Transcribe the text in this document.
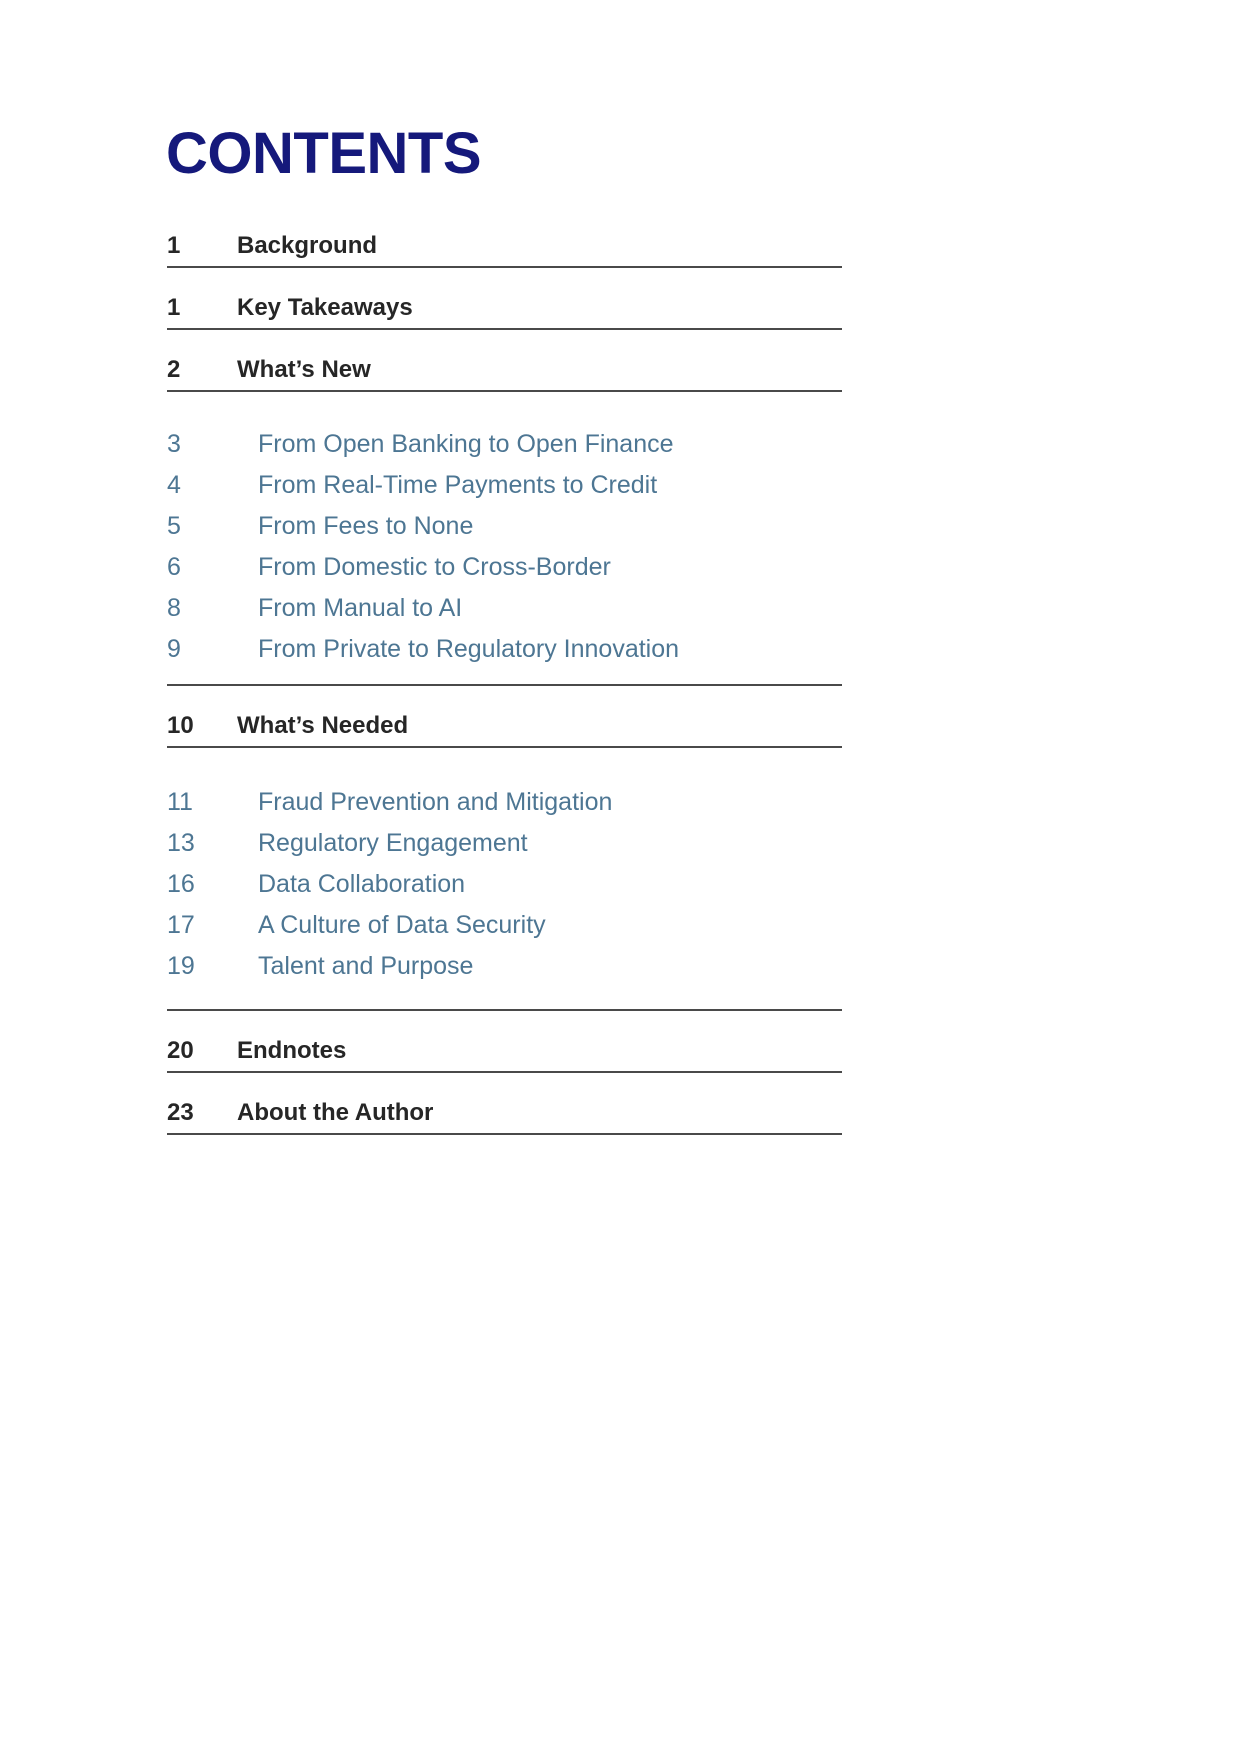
CONTENTS
1	Background
1	Key Takeaways
2	What’s New
3	From Open Banking to Open Finance
4	From Real-Time Payments to Credit
5	From Fees to None
6	From Domestic to Cross-Border
8	From Manual to AI
9	From Private to Regulatory Innovation
10	What’s Needed
11	Fraud Prevention and Mitigation
13	Regulatory Engagement
16	Data Collaboration
17	A Culture of Data Security
19	Talent and Purpose
20	Endnotes
23	About the Author
